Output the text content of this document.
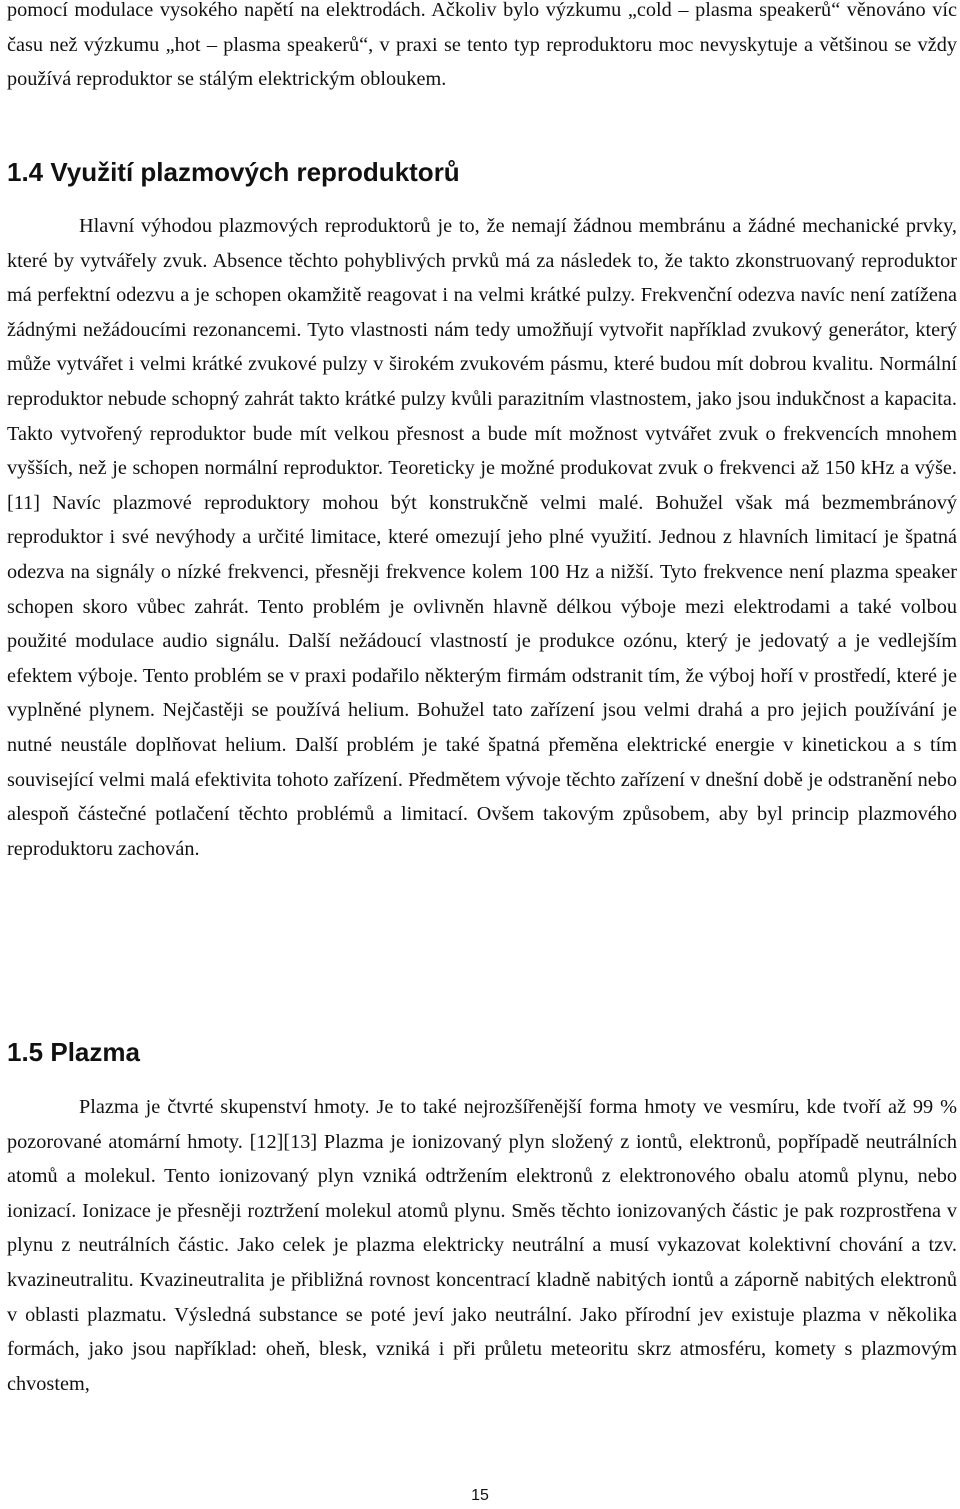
pomocí modulace vysokého napětí na elektrodách. Ačkoliv bylo výzkumu „cold – plasma speakerů“ věnováno víc času než výzkumu „hot – plasma speakerů“, v praxi se tento typ reproduktoru moc nevyskytuje a většinou se vždy používá reproduktor se stálým elektrickým obloukem.

1.4 Využití plazmových reproduktorů

Hlavní výhodou plazmových reproduktorů je to, že nemají žádnou membránu a žádné mechanické prvky, které by vytvářely zvuk. Absence těchto pohyblivých prvků má za následek to, že takto zkonstruovaný reproduktor má perfektní odezvu a je schopen okamžitě reagovat i na velmi krátké pulzy. Frekvenční odezva navíc není zatížena žádnými nežádoucími rezonancemi. Tyto vlastnosti nám tedy umožňují vytvořit například zvukový generátor, který může vytvářet i velmi krátké zvukové pulzy v širokém zvukovém pásmu, které budou mít dobrou kvalitu. Normální reproduktor nebude schopný zahrát takto krátké pulzy kvůli parazitním vlastnostem, jako jsou indukčnost a kapacita. Takto vytvořený reproduktor bude mít velkou přesnost a bude mít možnost vytvářet zvuk o frekvencích mnohem vyšších, než je schopen normální reproduktor. Teoreticky je možné produkovat zvuk o frekvenci až 150 kHz a výše. [11] Navíc plazmové reproduktory mohou být konstrukčně velmi malé. Bohužel však má bezmembránový reproduktor i své nevýhody a určité limitace, které omezují jeho plné využití. Jednou z hlavních limitací je špatná odezva na signály o nízké frekvenci, přesněji frekvence kolem 100 Hz a nižší. Tyto frekvence není plazma speaker schopen skoro vůbec zahrát. Tento problém je ovlivněn hlavně délkou výboje mezi elektrodami a také volbou použité modulace audio signálu. Další nežádoucí vlastností je produkce ozónu, který je jedovatý a je vedlejším efektem výboje. Tento problém se v praxi podařilo některým firmám odstranit tím, že výboj hoří v prostředí, které je vyplněné plynem. Nejčastěji se používá helium. Bohužel tato zařízení jsou velmi drahá a pro jejich používání je nutné neustále doplňovat helium. Další problém je také špatná přeměna elektrické energie v kinetickou a s tím související velmi malá efektivita tohoto zařízení. Předmětem vývoje těchto zařízení v dnešní době je odstranění nebo alespoň částečné potlačení těchto problémů a limitací. Ovšem takovým způsobem, aby byl princip plazmového reproduktoru zachován.

1.5 Plazma

Plazma je čtvrté skupenství hmoty. Je to také nejrozšířenější forma hmoty ve vesmíru, kde tvoří až 99 % pozorované atomární hmoty. [12][13] Plazma je ionizovaný plyn složený z iontů, elektronů, popřípadě neutrálních atomů a molekul. Tento ionizovaný plyn vzniká odtržením elektronů z elektronového obalu atomů plynu, nebo ionizací. Ionizace je přesněji roztržení molekul atomů plynu. Směs těchto ionizovaných částic je pak rozprostřena v plynu z neutrálních částic. Jako celek je plazma elektricky neutrální a musí vykazovat kolektivní chování a tzv. kvazineutralitu. Kvazineutralita je přibližná rovnost koncentrací kladně nabitých iontů a záporně nabitých elektronů v oblasti plazmatu. Výsledná substance se poté jeví jako neutrální. Jako přírodní jev existuje plazma v několika formách, jako jsou například: oheň, blesk, vzniká i při průletu meteoritu skrz atmosféru, komety s plazmovým chvostem,

15
